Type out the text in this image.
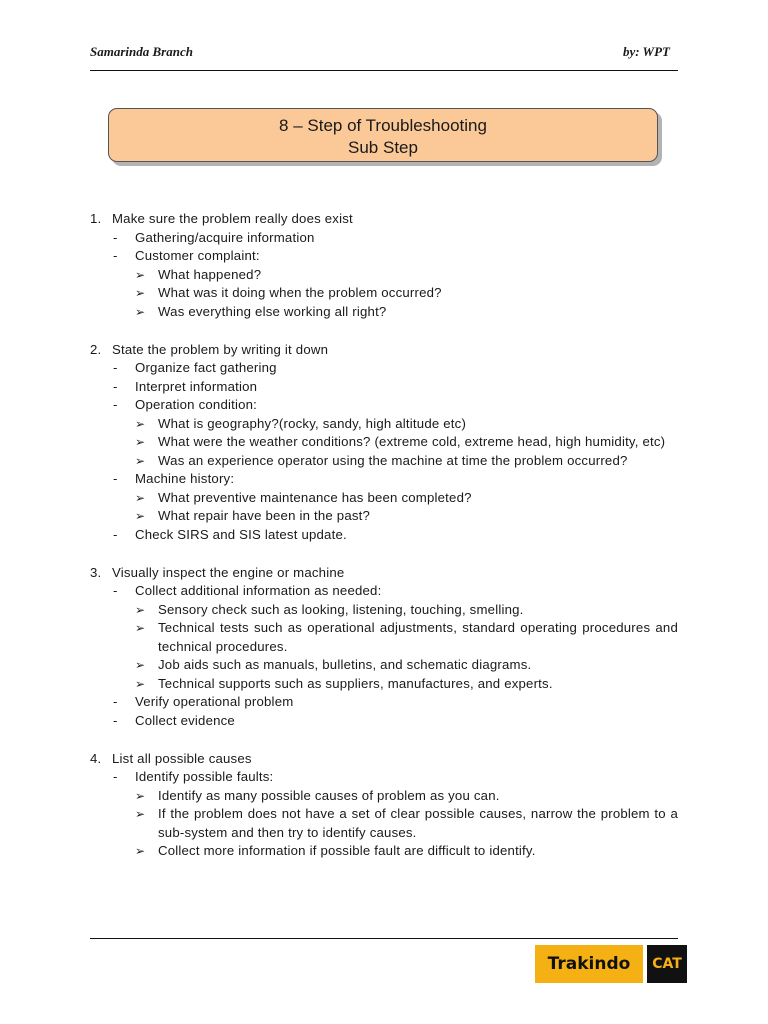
Samarinda Branch	by: WPT
8 – Step of Troubleshooting
Sub Step
1. Make sure the problem really does exist
- Gathering/acquire information
- Customer complaint:
➢ What happened?
➢ What was it doing when the problem occurred?
➢ Was everything else working all right?
2. State the problem by writing it down
- Organize fact gathering
- Interpret information
- Operation condition:
➢ What is geography?(rocky, sandy, high altitude etc)
➢ What were the weather conditions? (extreme cold, extreme head, high humidity, etc)
➢ Was an experience operator using the machine at time the problem occurred?
- Machine history:
➢ What preventive maintenance has been completed?
➢ What repair have been in the past?
- Check SIRS and SIS latest update.
3. Visually inspect the engine or machine
- Collect additional information as needed:
➢ Sensory check such as looking, listening, touching, smelling.
➢ Technical tests such as operational adjustments, standard operating procedures and technical procedures.
➢ Job aids such as manuals, bulletins, and schematic diagrams.
➢ Technical supports such as suppliers, manufactures, and experts.
- Verify operational problem
- Collect evidence
4. List all possible causes
- Identify possible faults:
➢ Identify as many possible causes of problem as you can.
➢ If the problem does not have a set of clear possible causes, narrow the problem to a sub-system and then try to identify causes.
➢ Collect more information if possible fault are difficult to identify.
Trakindo	CAT
